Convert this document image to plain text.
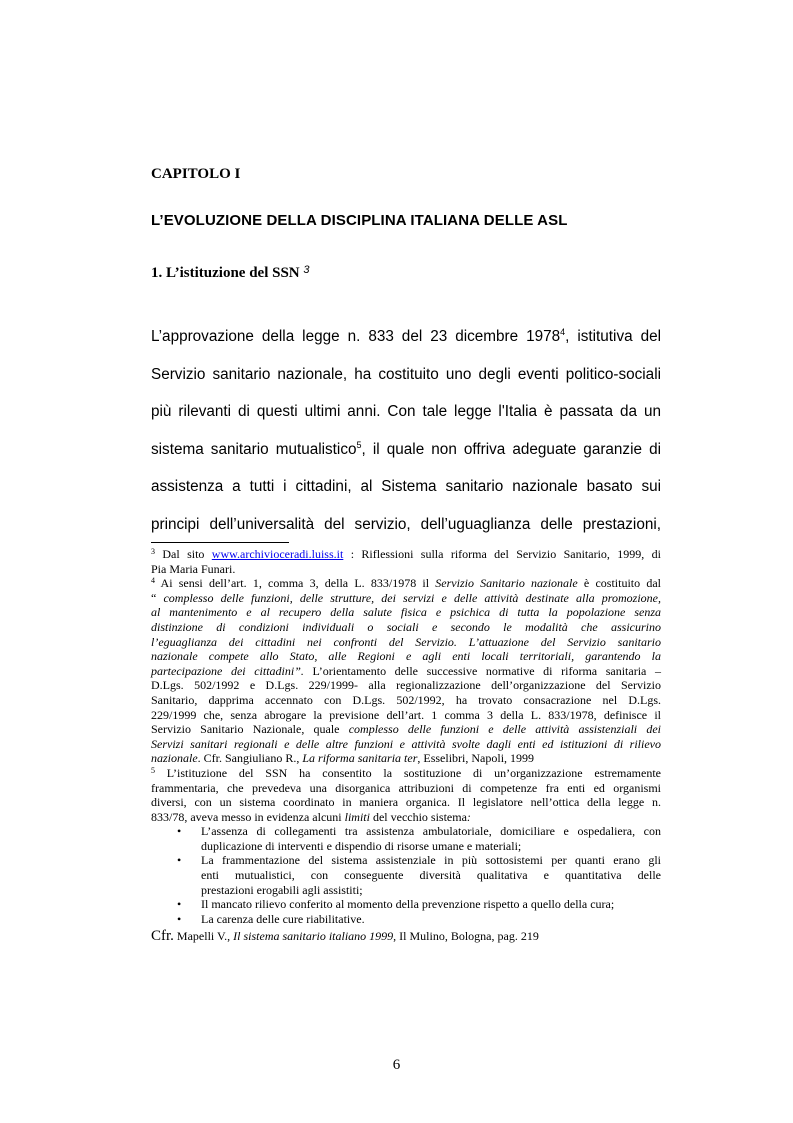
CAPITOLO I
L’EVOLUZIONE DELLA DISCIPLINA ITALIANA DELLE ASL
1. L’istituzione del SSN $^3$
L’approvazione della legge n. 833 del 23 dicembre 1978$^4$, istitutiva del
Servizio sanitario nazionale, ha costituito uno degli eventi politico-sociali
più rilevanti di questi ultimi anni. Con tale legge l'Italia è passata da un
sistema sanitario mutualistico$^5$, il quale non offriva adeguate garanzie di
assistenza a tutti i cittadini, al Sistema sanitario nazionale basato sui
principi dell’universalità del servizio, dell’uguaglianza delle prestazioni,
$^3$ Dal sito www.archivioceradi.luiss.it : Riflessioni sulla riforma del Servizio Sanitario, 1999, di
Pia Maria Funari.
$^4$ Ai sensi dell’art. 1, comma 3, della L. 833/1978 il Servizio Sanitario nazionale è costituito dal
“ complesso delle funzioni, delle strutture, dei servizi e delle attività destinate alla promozione,
al mantenimento e al recupero della salute fisica e psichica di tutta la popolazione senza
distinzione di condizioni individuali o sociali e secondo le modalità che assicurino
l’eguaglianza dei cittadini nei confronti del Servizio. L’attuazione del Servizio sanitario
nazionale compete allo Stato, alle Regioni e agli enti locali territoriali, garantendo la
partecipazione dei cittadini”. L’orientamento delle successive normative di riforma sanitaria –
D.Lgs. 502/1992 e D.Lgs. 229/1999- alla regionalizzazione dell’organizzazione del Servizio
Sanitario, dapprima accennato con D.Lgs. 502/1992, ha trovato consacrazione nel D.Lgs.
229/1999 che, senza abrogare la previsione dell’art. 1 comma 3 della L. 833/1978, definisce il
Servizio Sanitario Nazionale, quale complesso delle funzioni e delle attività assistenziali dei
Servizi sanitari regionali e delle altre funzioni e attività svolte dagli enti ed istituzioni di rilievo
nazionale. Cfr. Sangiuliano R., La riforma sanitaria ter, Esselibri, Napoli, 1999
$^5$ L’istituzione del SSN ha consentito la sostituzione di un’organizzazione estremamente
frammentaria, che prevedeva una disorganica attribuzioni di competenze fra enti ed organismi
diversi, con un sistema coordinato in maniera organica. Il legislatore nell’ottica della legge n.
833/78, aveva messo in evidenza alcuni limiti del vecchio sistema:
• L’assenza di collegamenti tra assistenza ambulatoriale, domiciliare e ospedaliera, con
duplicazione di interventi e dispendio di risorse umane e materiali;
• La frammentazione del sistema assistenziale in più sottosistemi per quanti erano gli
enti mutualistici, con conseguente diversità qualitativa e quantitativa delle
prestazioni erogabili agli assistiti;
• Il mancato rilievo conferito al momento della prevenzione rispetto a quello della cura;
• La carenza delle cure riabilitative.
Cfr. Mapelli V., Il sistema sanitario italiano 1999, Il Mulino, Bologna, pag. 219
6
